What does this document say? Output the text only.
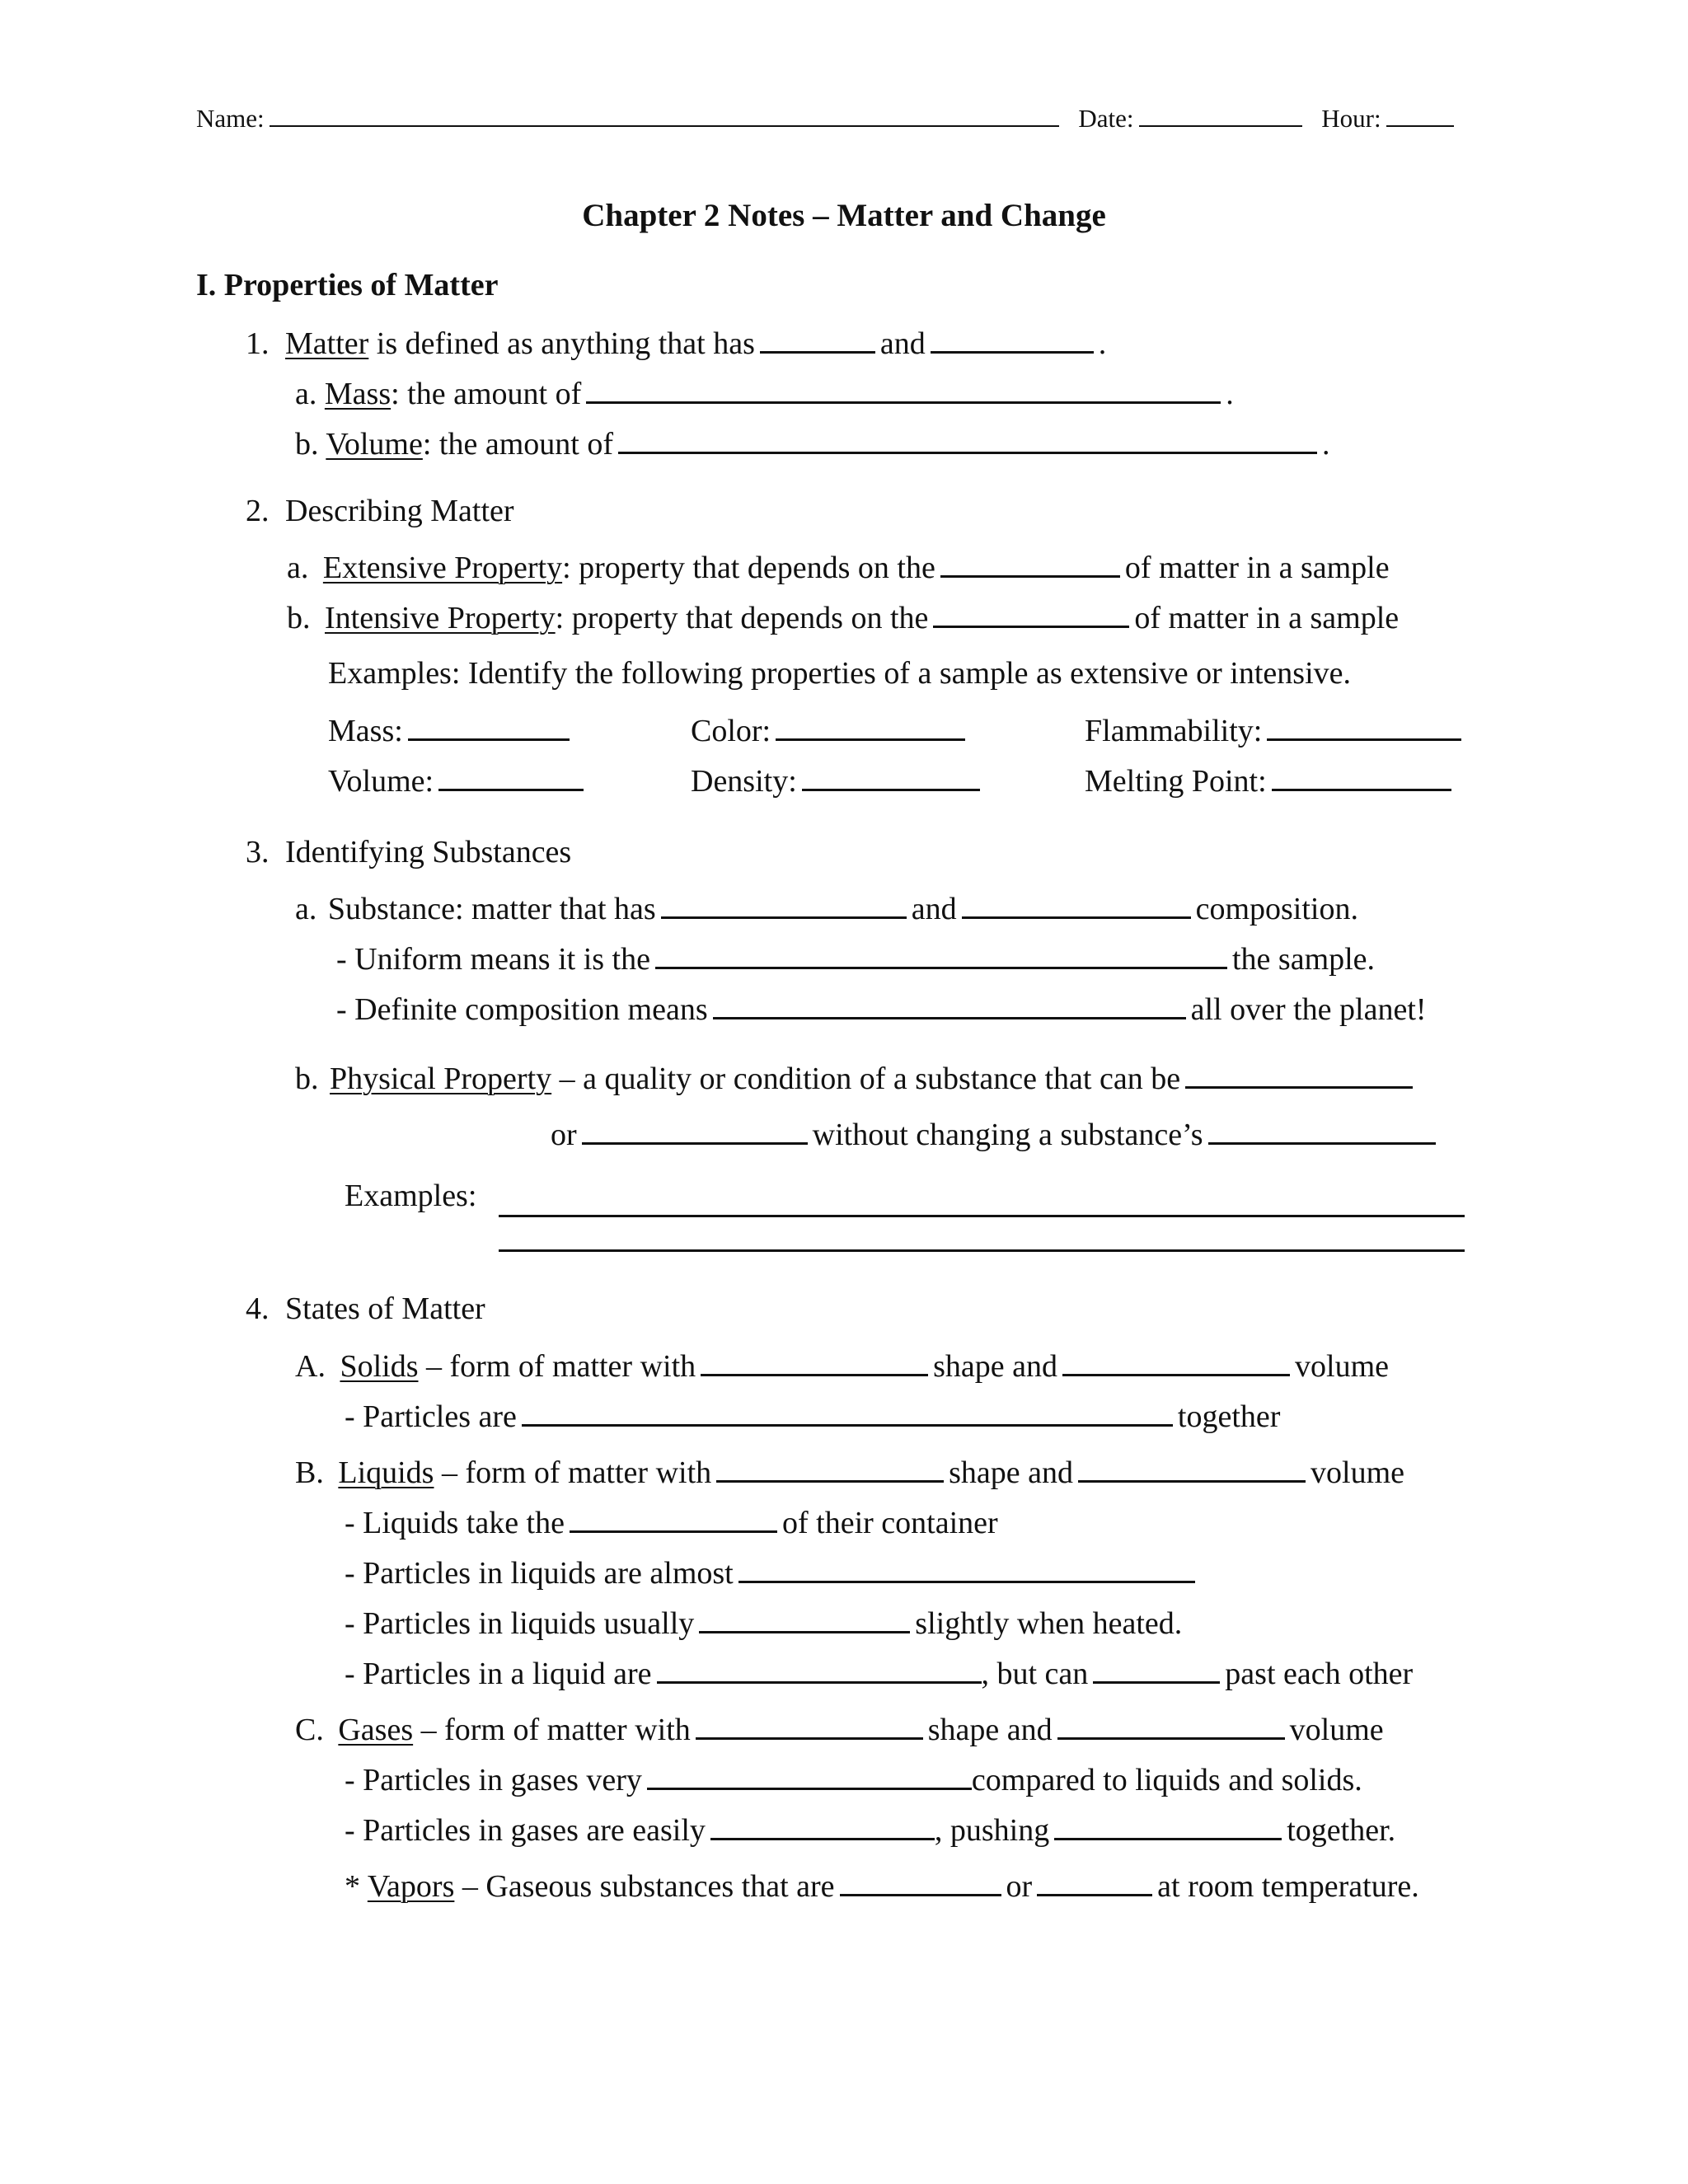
Name:	Date:	Hour:
Chapter 2 Notes – Matter and Change
I. Properties of Matter
1. Matter is defined as anything that has	and	.
a. Mass: the amount of	.
b. Volume: the amount of	.
2. Describing Matter
a. Extensive Property: property that depends on the	of matter in a sample
b. Intensive Property: property that depends on the	of matter in a sample
Examples: Identify the following properties of a sample as extensive or intensive.
Mass:	Color:	Flammability:
Volume:	Density:	Melting Point:
3. Identifying Substances
a. Substance: matter that has	and	composition.
- Uniform means it is the	the sample.
- Definite composition means	all over the planet!
b. Physical Property – a quality or condition of a substance that can be
or	without changing a substance’s
Examples:
4. States of Matter
A. Solids – form of matter with	shape and	volume
- Particles are	together
B. Liquids – form of matter with	shape and	volume
- Liquids take the	of their container
- Particles in liquids are almost
- Particles in liquids usually	slightly when heated.
- Particles in a liquid are	, but can	past each other
C. Gases – form of matter with	shape and	volume
- Particles in gases very	compared to liquids and solids.
- Particles in gases are easily	, pushing	together.
* Vapors – Gaseous substances that are	or	at room temperature.
